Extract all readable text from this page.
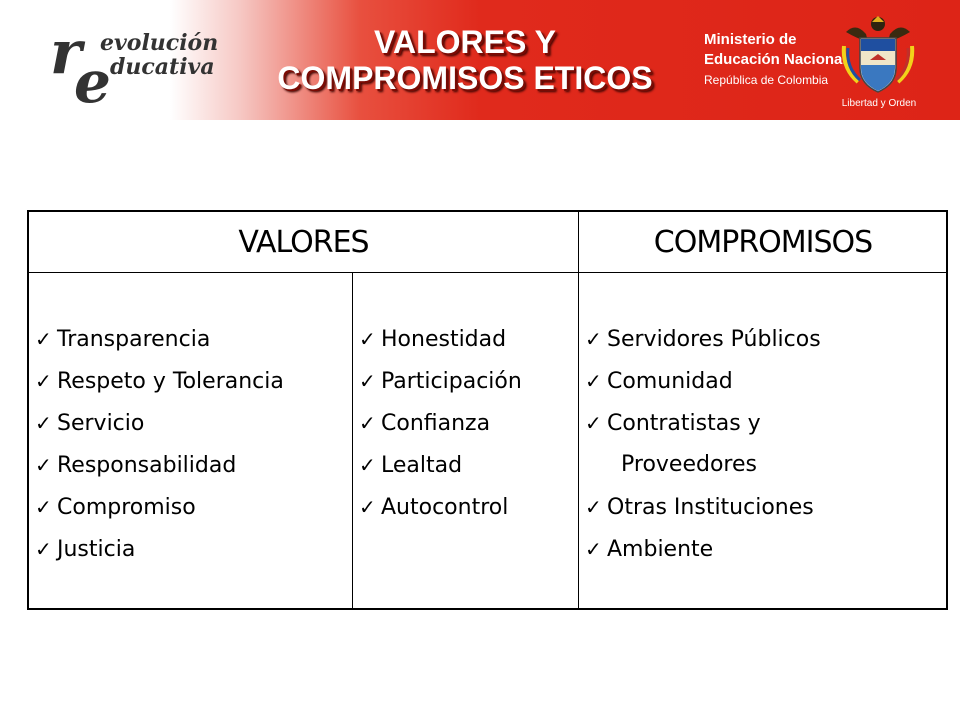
r evolución
e ducativa
VALORES Y
COMPROMISOS ETICOS
Ministerio de
Educación Nacional
República de Colombia
Libertad y Orden
VALORES	COMPROMISOS
✓ Transparencia
✓ Respeto y Tolerancia
✓ Servicio
✓ Responsabilidad
✓ Compromiso
✓ Justicia
✓ Honestidad
✓ Participación
✓ Confianza
✓ Lealtad
✓ Autocontrol
✓ Servidores Públicos
✓ Comunidad
✓ Contratistas y
Proveedores
✓ Otras Instituciones
✓ Ambiente
